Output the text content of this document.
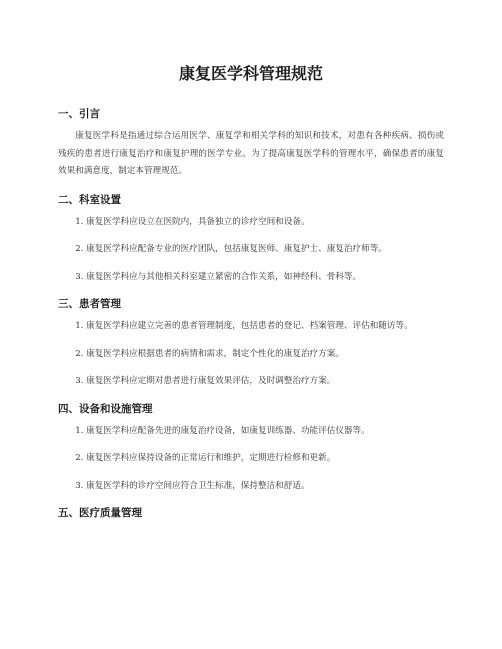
康复医学科管理规范
一、引言

康复医学科是指通过综合运用医学、康复学和相关学科的知识和技术，对患有各种疾病、损伤或残疾的患者进行康复治疗和康复护理的医学专业。为了提高康复医学科的管理水平，确保患者的康复效果和满意度，制定本管理规范。

二、科室设置

1. 康复医学科应设立在医院内，具备独立的诊疗空间和设备。

2. 康复医学科应配备专业的医疗团队，包括康复医师、康复护士、康复治疗师等。

3. 康复医学科应与其他相关科室建立紧密的合作关系，如神经科、骨科等。

三、患者管理

1. 康复医学科应建立完善的患者管理制度，包括患者的登记、档案管理、评估和随访等。

2. 康复医学科应根据患者的病情和需求，制定个性化的康复治疗方案。

3. 康复医学科应定期对患者进行康复效果评估，及时调整治疗方案。

四、设备和设施管理

1. 康复医学科应配备先进的康复治疗设备，如康复训练器、功能评估仪器等。

2. 康复医学科应保持设备的正常运行和维护，定期进行检修和更新。

3. 康复医学科的诊疗空间应符合卫生标准，保持整洁和舒适。

五、医疗质量管理
